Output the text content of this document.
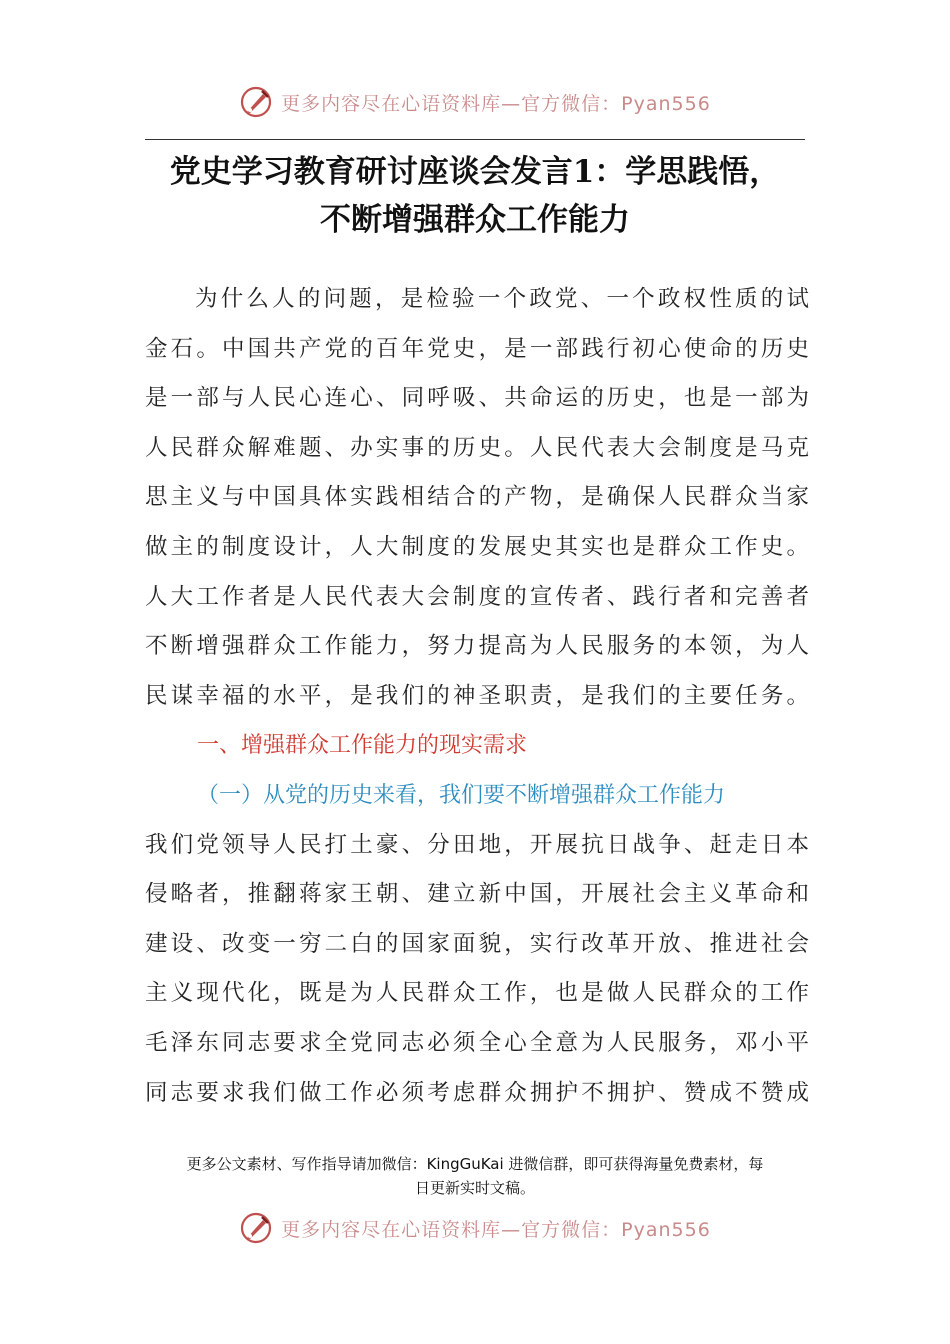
更多内容尽在心语资料库—官方微信：Pyan556
党史学习教育研讨座谈会发言1：学思践悟，
不断增强群众工作能力
为什么人的问题，是检验一个政党、一个政权性质的试
金石。中国共产党的百年党史，是一部践行初心使命的历史
是一部与人民心连心、同呼吸、共命运的历史，也是一部为
人民群众解难题、办实事的历史。人民代表大会制度是马克
思主义与中国具体实践相结合的产物，是确保人民群众当家
做主的制度设计，人大制度的发展史其实也是群众工作史。
人大工作者是人民代表大会制度的宣传者、践行者和完善者
不断增强群众工作能力，努力提高为人民服务的本领，为人
民谋幸福的水平，是我们的神圣职责，是我们的主要任务。
一、增强群众工作能力的现实需求
（一）从党的历史来看，我们要不断增强群众工作能力
我们党领导人民打土豪、分田地，开展抗日战争、赶走日本
侵略者，推翻蒋家王朝、建立新中国，开展社会主义革命和
建设、改变一穷二白的国家面貌，实行改革开放、推进社会
主义现代化，既是为人民群众工作，也是做人民群众的工作
毛泽东同志要求全党同志必须全心全意为人民服务，邓小平
同志要求我们做工作必须考虑群众拥护不拥护、赞成不赞成
更多公文素材、写作指导请加微信：KingGuKai 进微信群，即可获得海量免费素材，每
日更新实时文稿。
更多内容尽在心语资料库—官方微信：Pyan556
